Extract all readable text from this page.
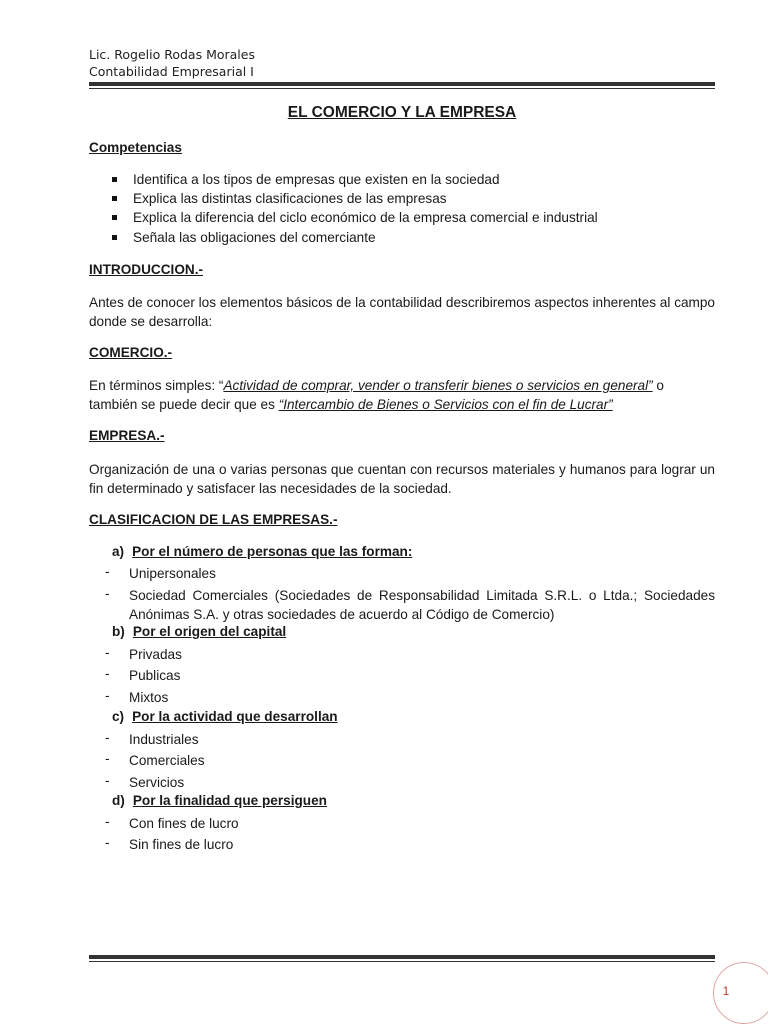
Lic. Rogelio Rodas Morales
Contabilidad Empresarial I
EL COMERCIO Y LA EMPRESA
Competencias
Identifica a los tipos de empresas que existen en la sociedad
Explica las distintas clasificaciones de las empresas
Explica la diferencia del ciclo económico de la empresa comercial e industrial
Señala las obligaciones del comerciante
INTRODUCCION.-
Antes de conocer los elementos básicos de la contabilidad describiremos aspectos inherentes al campo donde se desarrolla:
COMERCIO.-
En términos simples: “Actividad de comprar, vender o transferir bienes o servicios en general” o también se puede decir que es “Intercambio de Bienes o Servicios con el fin de Lucrar”
EMPRESA.-
Organización de una o varias personas que cuentan con recursos materiales y humanos para lograr un fin determinado y satisfacer las necesidades de la sociedad.
CLASIFICACION DE LAS EMPRESAS.-
a) Por el número de personas que las forman:
- Unipersonales
- Sociedad Comerciales (Sociedades de Responsabilidad Limitada S.R.L. o Ltda.; Sociedades Anónimas S.A. y otras sociedades de acuerdo al Código de Comercio)
b) Por el origen del capital
- Privadas
- Publicas
- Mixtos
c) Por la actividad que desarrollan
- Industriales
- Comerciales
- Servicios
d) Por la finalidad que persiguen
- Con fines de lucro
- Sin fines de lucro
1
